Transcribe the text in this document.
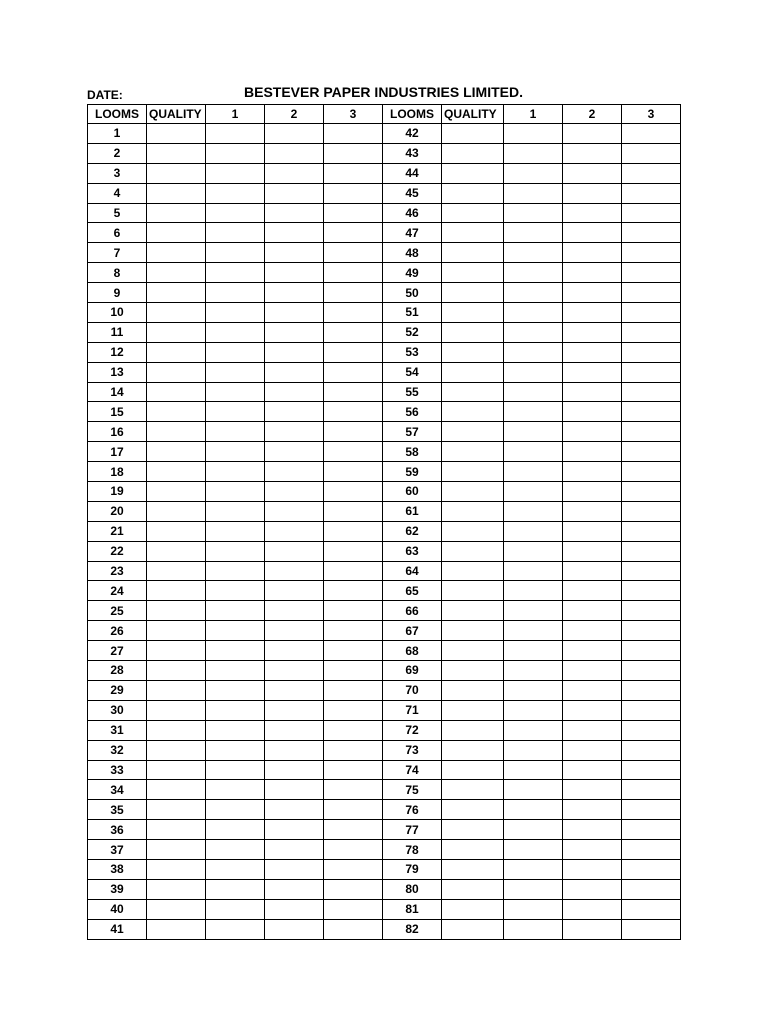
DATE:	BESTEVER PAPER INDUSTRIES LIMITED.
LOOMS	QUALITY	1	2	3	LOOMS	QUALITY	1	2	3
1					42				
2					43				
3					44				
4					45				
5					46				
6					47				
7					48				
8					49				
9					50				
10					51				
11					52				
12					53				
13					54				
14					55				
15					56				
16					57				
17					58				
18					59				
19					60				
20					61				
21					62				
22					63				
23					64				
24					65				
25					66				
26					67				
27					68				
28					69				
29					70				
30					71				
31					72				
32					73				
33					74				
34					75				
35					76				
36					77				
37					78				
38					79				
39					80				
40					81				
41					82				
